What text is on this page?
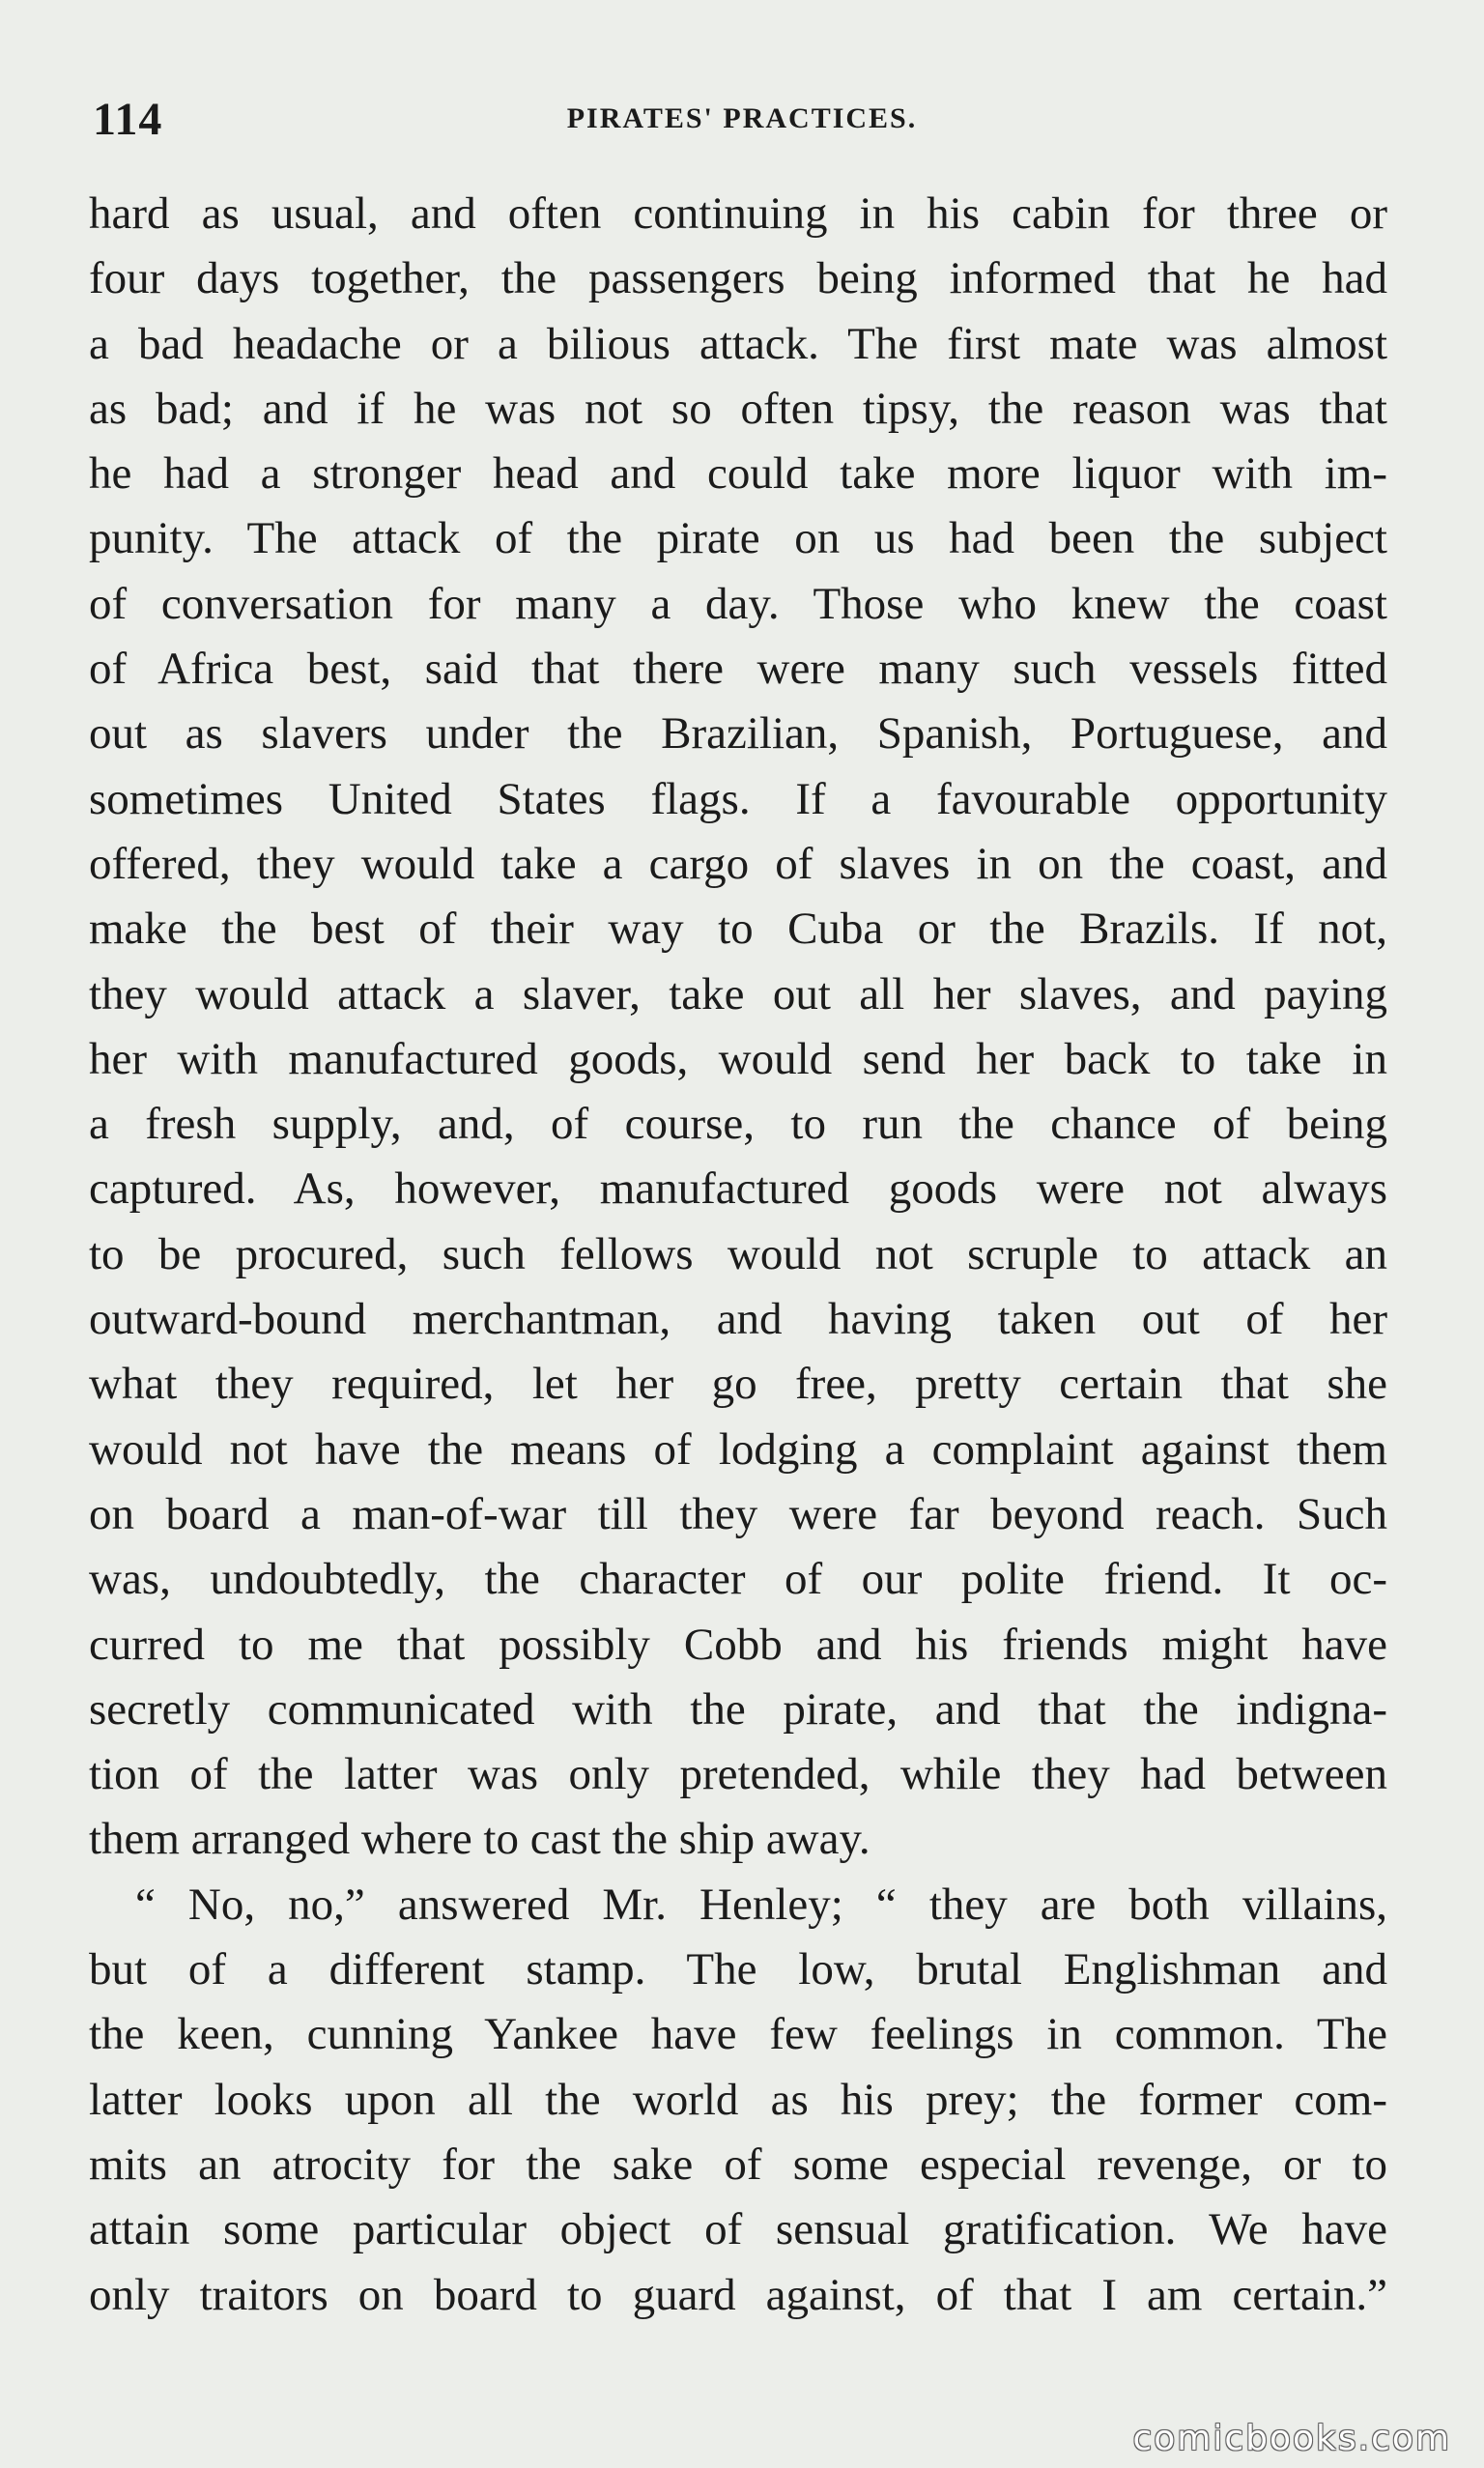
114	PIRATES' PRACTICES.
hard as usual, and often continuing in his cabin for three or
four days together, the passengers being informed that he had
a bad headache or a bilious attack. The first mate was almost
as bad; and if he was not so often tipsy, the reason was that
he had a stronger head and could take more liquor with im-
punity. The attack of the pirate on us had been the subject
of conversation for many a day. Those who knew the coast
of Africa best, said that there were many such vessels fitted
out as slavers under the Brazilian, Spanish, Portuguese, and
sometimes United States flags. If a favourable opportunity
offered, they would take a cargo of slaves in on the coast, and
make the best of their way to Cuba or the Brazils. If not,
they would attack a slaver, take out all her slaves, and paying
her with manufactured goods, would send her back to take in
a fresh supply, and, of course, to run the chance of being
captured. As, however, manufactured goods were not always
to be procured, such fellows would not scruple to attack an
outward-bound merchantman, and having taken out of her
what they required, let her go free, pretty certain that she
would not have the means of lodging a complaint against them
on board a man-of-war till they were far beyond reach. Such
was, undoubtedly, the character of our polite friend. It oc-
curred to me that possibly Cobb and his friends might have
secretly communicated with the pirate, and that the indigna-
tion of the latter was only pretended, while they had between
them arranged where to cast the ship away.
“ No, no,” answered Mr. Henley; “ they are both villains,
but of a different stamp. The low, brutal Englishman and
the keen, cunning Yankee have few feelings in common. The
latter looks upon all the world as his prey; the former com-
mits an atrocity for the sake of some especial revenge, or to
attain some particular object of sensual gratification. We have
only traitors on board to guard against, of that I am certain.”
comicbooks.com
